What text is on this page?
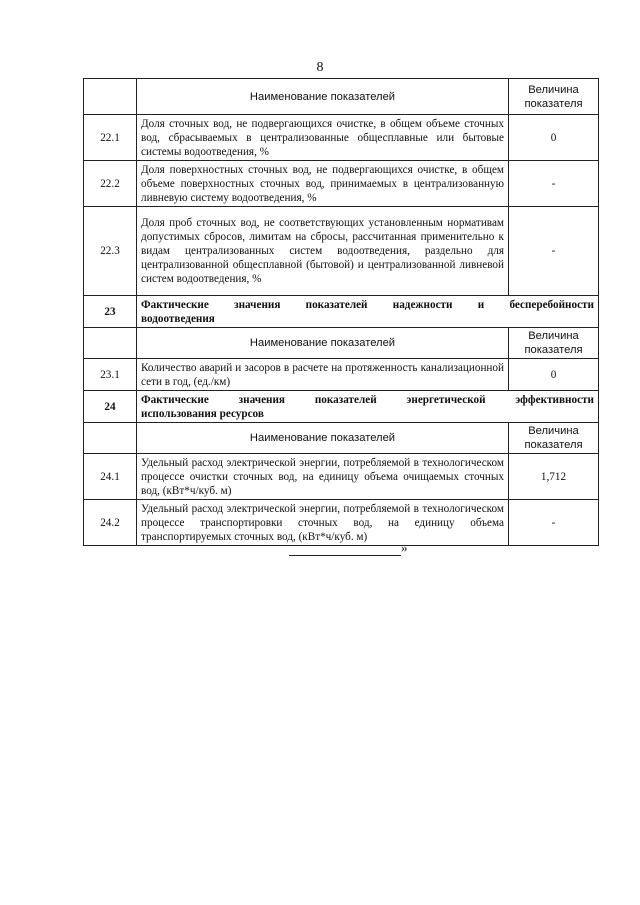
8
	Наименование показателей	Величина показателя
22.1	Доля сточных вод, не подвергающихся очистке, в общем объеме сточных вод, сбрасываемых в централизованные общесплавные или бытовые системы водоотведения, %	0
22.2	Доля поверхностных сточных вод, не подвергающихся очистке, в общем объеме поверхностных сточных вод, принимаемых в централизованную ливневую систему водоотведения, %	-
22.3	Доля проб сточных вод, не соответствующих установленным нормативам допустимых сбросов, лимитам на сбросы, рассчитанная применительно к видам централизованных систем водоотведения, раздельно для централизованной общесплавной (бытовой) и централизованной ливневой систем водоотведения, %	-
23	Фактические значения показателей надежности и бесперебойности
водоотведения	
	Наименование показателей	Величина показателя
23.1	Количество аварий и засоров в расчете на протяженность канализационной сети в год, (ед./км)	0
24	Фактические значения показателей энергетической эффективности
использования ресурсов	
	Наименование показателей	Величина показателя
24.1	Удельный расход электрической энергии, потребляемой в технологическом процессе очистки сточных вод, на единицу объема очищаемых сточных вод, (кВт*ч/куб. м)	1,712
24.2	Удельный расход электрической энергии, потребляемой в технологическом процессе транспортировки сточных вод, на единицу объема транспортируемых сточных вод, (кВт*ч/куб. м)	-
»
